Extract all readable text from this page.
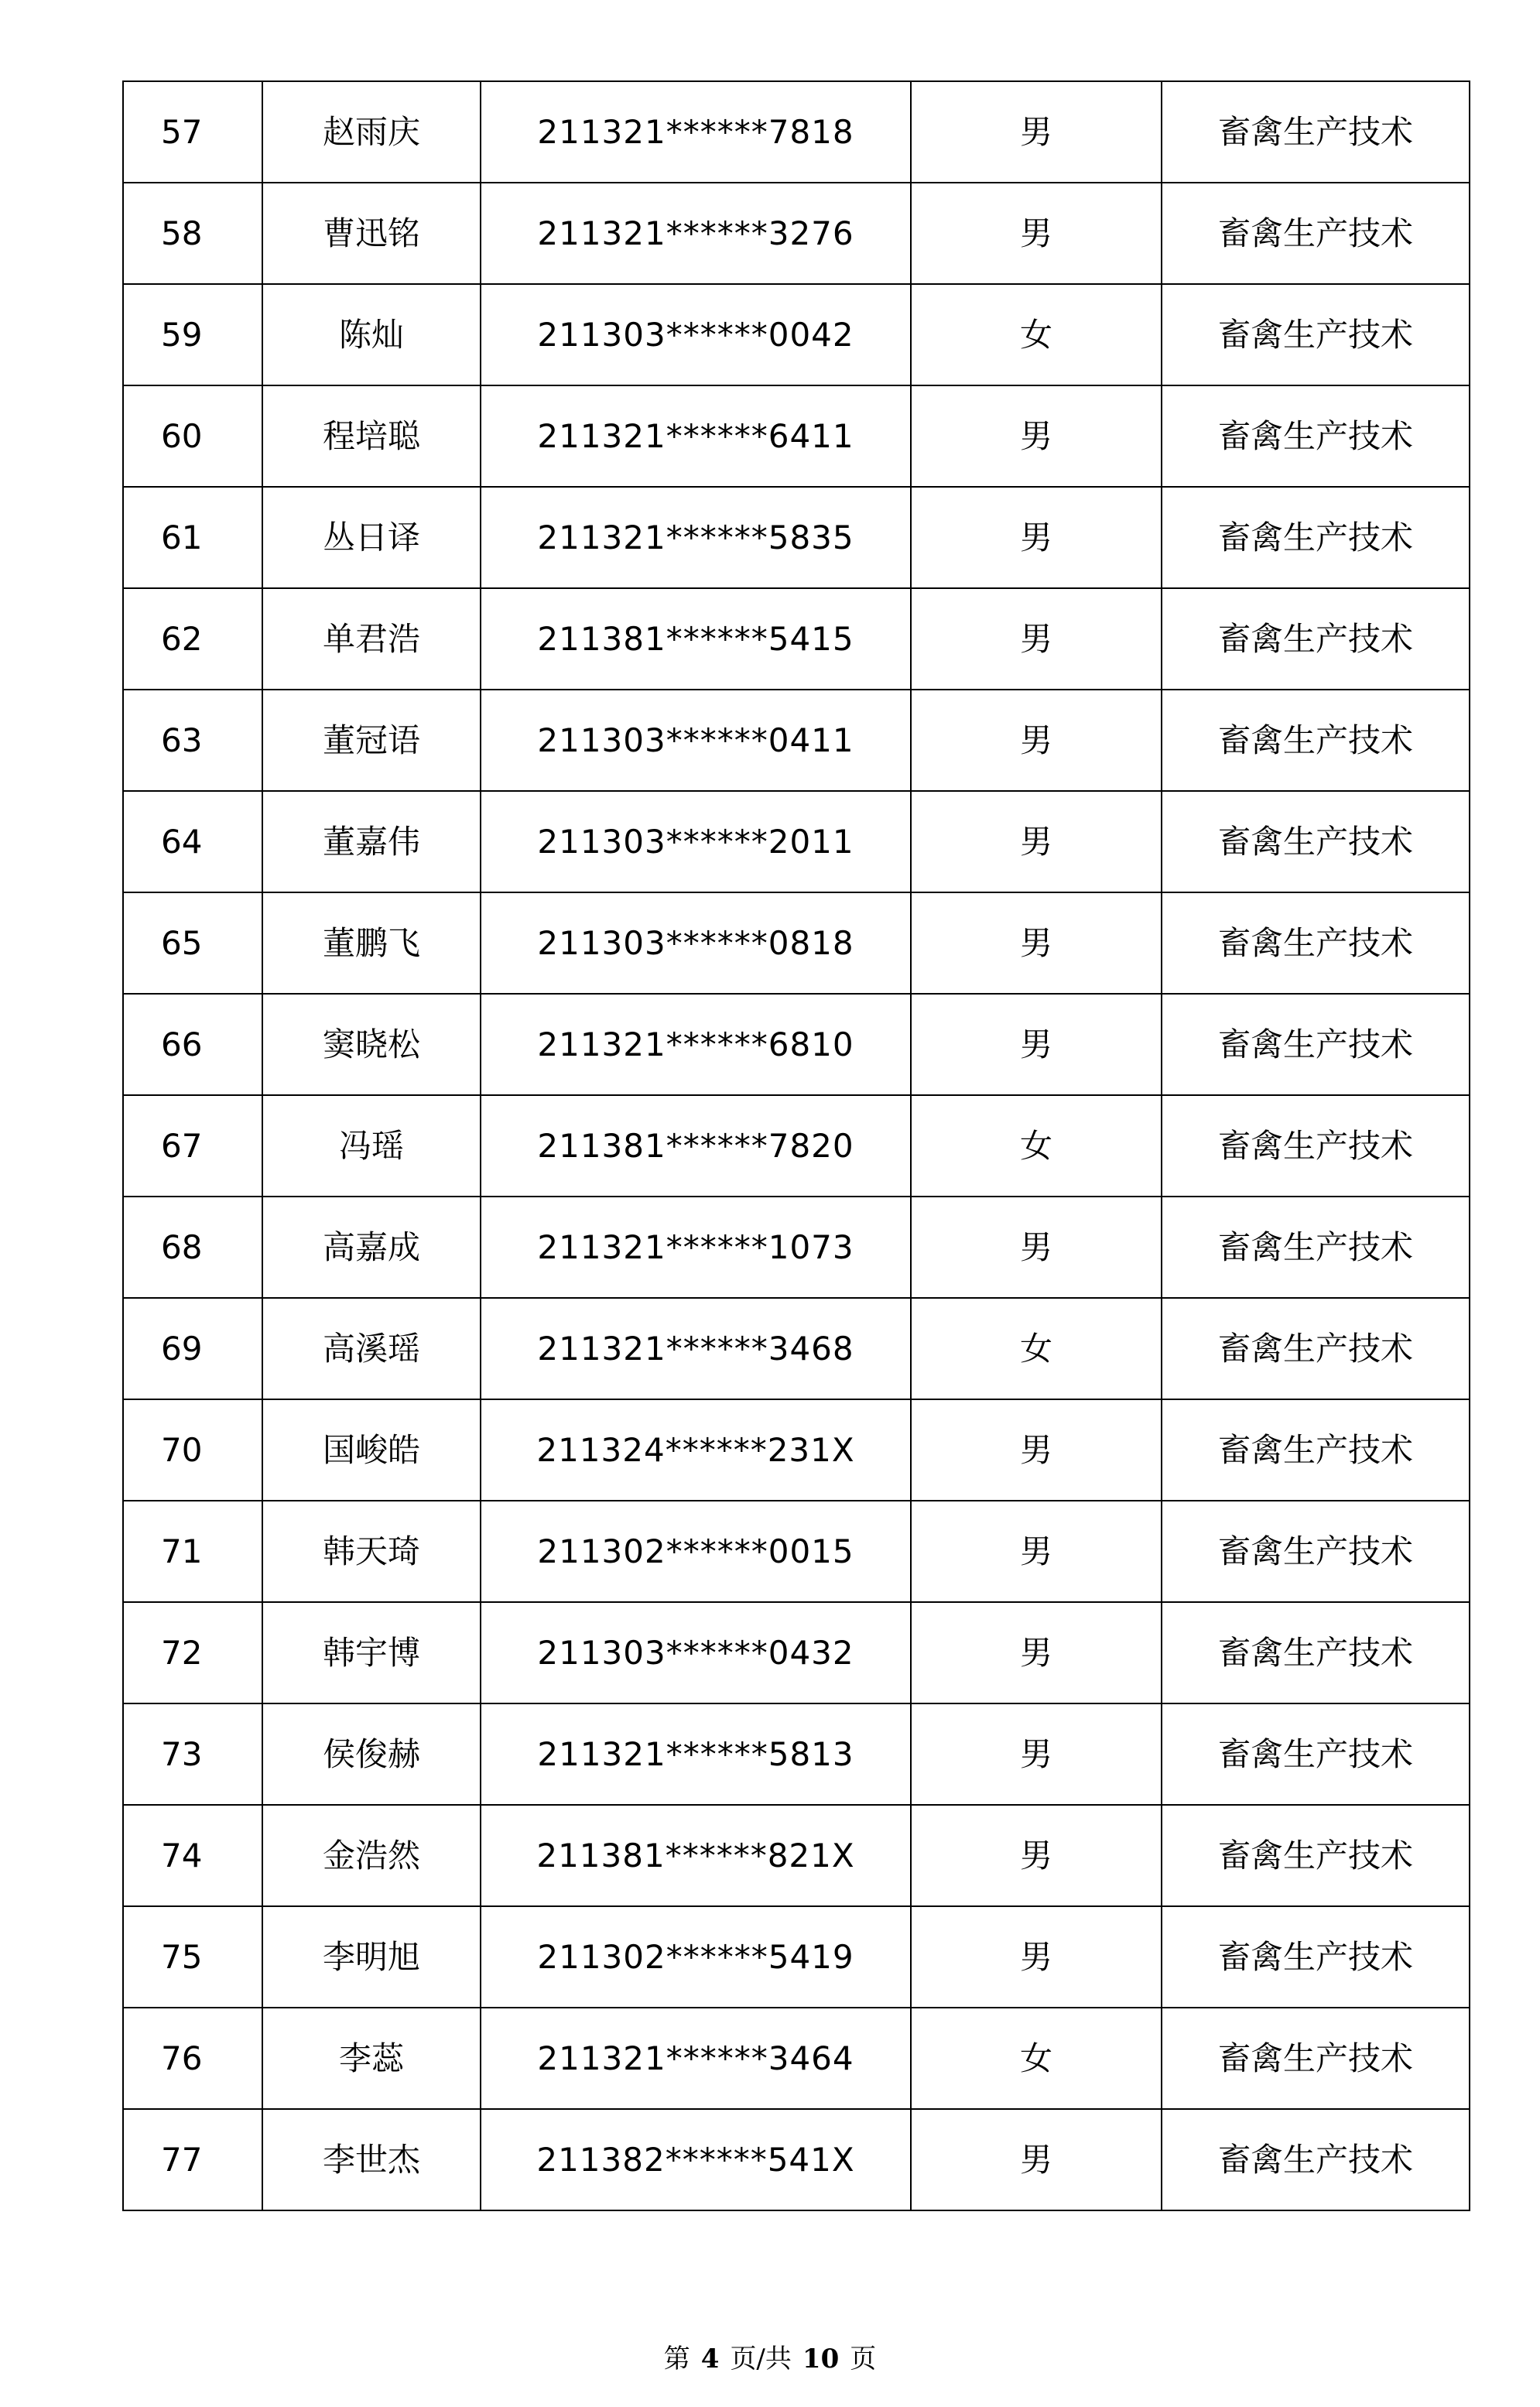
57	赵雨庆	211321******7818	男	畜禽生产技术
58	曹迅铭	211321******3276	男	畜禽生产技术
59	陈灿	211303******0042	女	畜禽生产技术
60	程培聪	211321******6411	男	畜禽生产技术
61	丛日译	211321******5835	男	畜禽生产技术
62	单君浩	211381******5415	男	畜禽生产技术
63	董冠语	211303******0411	男	畜禽生产技术
64	董嘉伟	211303******2011	男	畜禽生产技术
65	董鹏飞	211303******0818	男	畜禽生产技术
66	窦晓松	211321******6810	男	畜禽生产技术
67	冯瑶	211381******7820	女	畜禽生产技术
68	高嘉成	211321******1073	男	畜禽生产技术
69	高溪瑶	211321******3468	女	畜禽生产技术
70	国峻皓	211324******231X	男	畜禽生产技术
71	韩天琦	211302******0015	男	畜禽生产技术
72	韩宇博	211303******0432	男	畜禽生产技术
73	侯俊赫	211321******5813	男	畜禽生产技术
74	金浩然	211381******821X	男	畜禽生产技术
75	李明旭	211302******5419	男	畜禽生产技术
76	李蕊	211321******3464	女	畜禽生产技术
77	李世杰	211382******541X	男	畜禽生产技术
第 4 页/共 10 页
